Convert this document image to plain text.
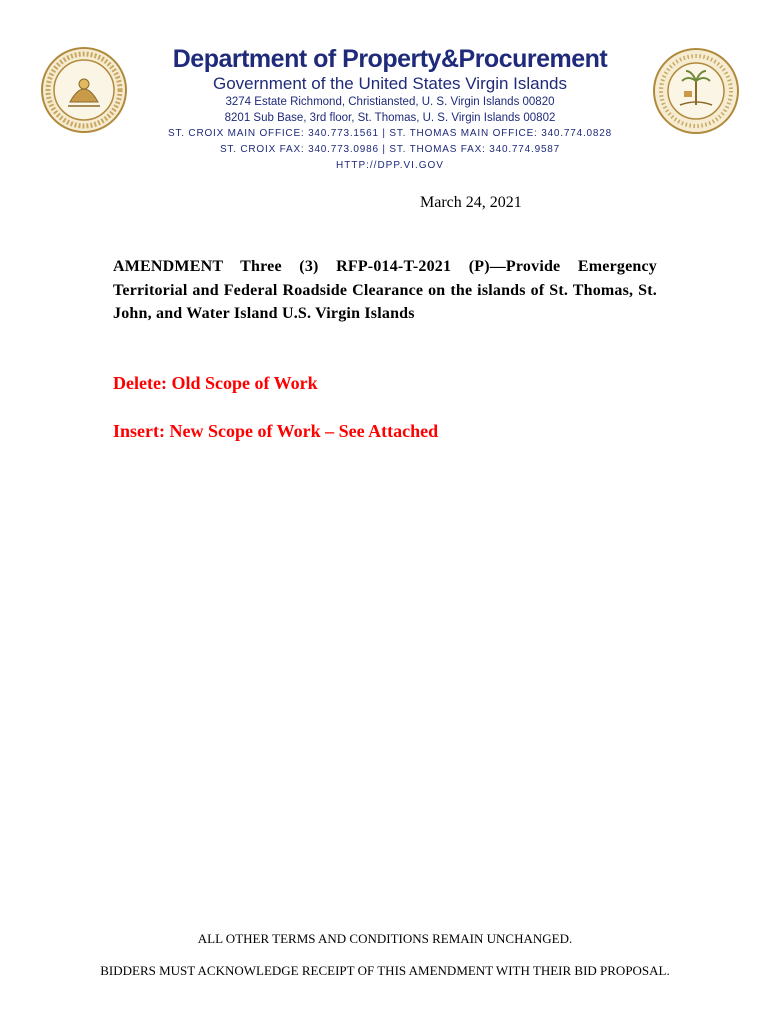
Department of Property&Procurement
Government of the United States Virgin Islands
3274 Estate Richmond, Christiansted, U. S. Virgin Islands 00820
8201 Sub Base, 3rd floor, St. Thomas, U. S. Virgin Islands 00802
ST. CROIX MAIN OFFICE: 340.773.1561 | ST. THOMAS MAIN OFFICE: 340.774.0828
ST. CROIX FAX: 340.773.0986 | ST. THOMAS FAX: 340.774.9587
HTTP://DPP.VI.GOV
March 24, 2021
AMENDMENT Three (3) RFP-014-T-2021 (P)—Provide Emergency Territorial and Federal Roadside Clearance on the islands of St. Thomas, St. John, and Water Island U.S. Virgin Islands
Delete: Old Scope of Work
Insert: New Scope of Work – See Attached
ALL OTHER TERMS AND CONDITIONS REMAIN UNCHANGED.
BIDDERS MUST ACKNOWLEDGE RECEIPT OF THIS AMENDMENT WITH THEIR BID PROPOSAL.
